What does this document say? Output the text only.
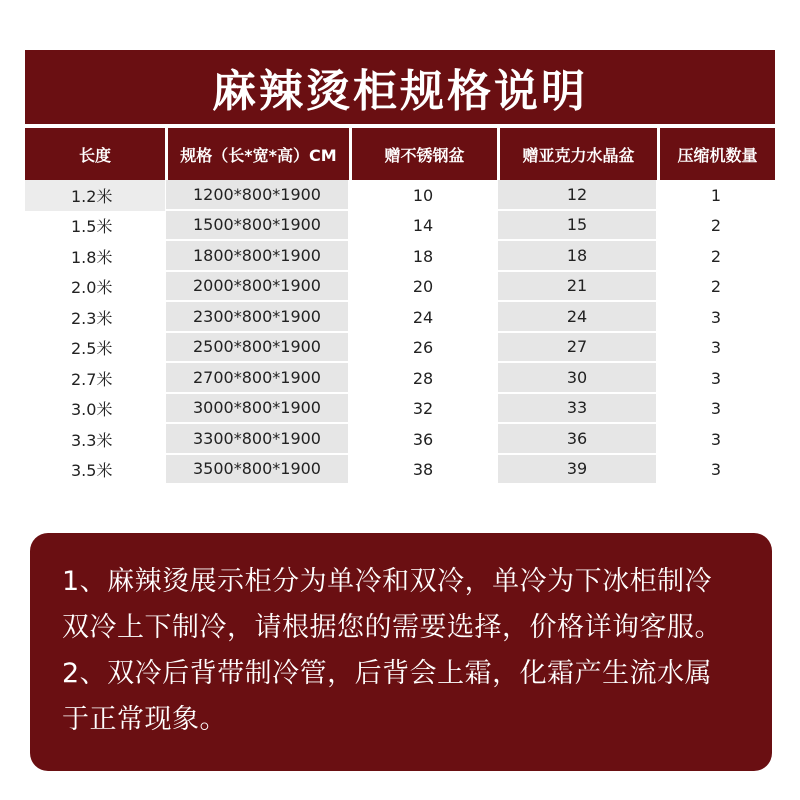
麻辣烫柜规格说明
长度	规格（长*宽*高）CM	赠不锈钢盆	赠亚克力水晶盆	压缩机数量
1.2米	1200*800*1900	10	12	1
1.5米	1500*800*1900	14	15	2
1.8米	1800*800*1900	18	18	2
2.0米	2000*800*1900	20	21	2
2.3米	2300*800*1900	24	24	3
2.5米	2500*800*1900	26	27	3
2.7米	2700*800*1900	28	30	3
3.0米	3000*800*1900	32	33	3
3.3米	3300*800*1900	36	36	3
3.5米	3500*800*1900	38	39	3

1、麻辣烫展示柜分为单冷和双冷，单冷为下冰柜制冷

双冷上下制冷，请根据您的需要选择，价格详询客服。

2、双冷后背带制冷管，后背会上霜，化霜产生流水属

于正常现象。
